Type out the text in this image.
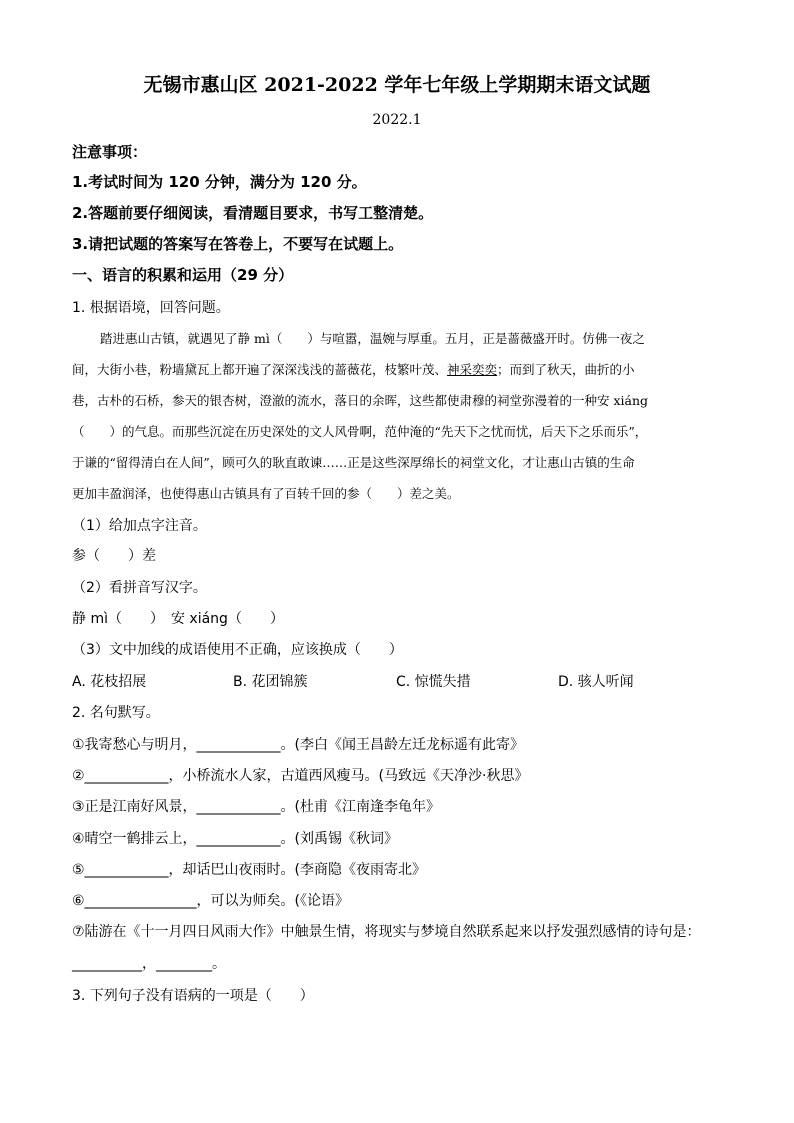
无锡市惠山区 2021-2022 学年七年级上学期期末语文试题
2022.1
注意事项：
1.考试时间为 120 分钟，满分为 120 分。
2.答题前要仔细阅读，看清题目要求，书写工整清楚。
3.请把试题的答案写在答卷上，不要写在试题上。
一、语言的积累和运用（29 分）
1. 根据语境，回答问题。
踏进惠山古镇，就遇见了静 mì（　　）与喧嚣，温婉与厚重。五月，正是蔷薇盛开时。仿佛一夜之
间，大街小巷，粉墙黛瓦上都开遍了深深浅浅的蔷薇花，枝繁叶茂、神采奕奕；而到了秋天，曲折的小
巷，古朴的石桥，参天的银杏树，澄澈的流水，落日的余晖，这些都使肃穆的祠堂弥漫着的一种安 xiáng
（　　）的气息。而那些沉淀在历史深处的文人风骨啊，范仲淹的“先天下之忧而忧，后天下之乐而乐”，
于谦的“留得清白在人间”，顾可久的耿直敢谏……正是这些深厚绵长的祠堂文化，才让惠山古镇的生命
更加丰盈润泽，也使得惠山古镇具有了百转千回的参（　　）差之美。
（1）给加点字注音。
参（　　）差
（2）看拼音写汉字。
静 mì（　　）　安 xiáng（　　）
（3）文中加线的成语使用不正确，应该换成（　　）
A. 花枝招展	B. 花团锦簇	C. 惊慌失措	D. 骇人听闻
2. 名句默写。
①我寄愁心与明月，____________。(李白《闻王昌龄左迁龙标遥有此寄》
②____________，小桥流水人家，古道西风瘦马。(马致远《天净沙·秋思》
③正是江南好风景，____________。(杜甫《江南逢李龟年》
④晴空一鹤排云上，____________。(刘禹锡《秋词》
⑤____________，却话巴山夜雨时。(李商隐《夜雨寄北》
⑥________________，可以为师矣。(《论语》
⑦陆游在《十一月四日风雨大作》中触景生情，将现实与梦境自然联系起来以抒发强烈感情的诗句是：
__________，________。
3. 下列句子没有语病的一项是（　　）
